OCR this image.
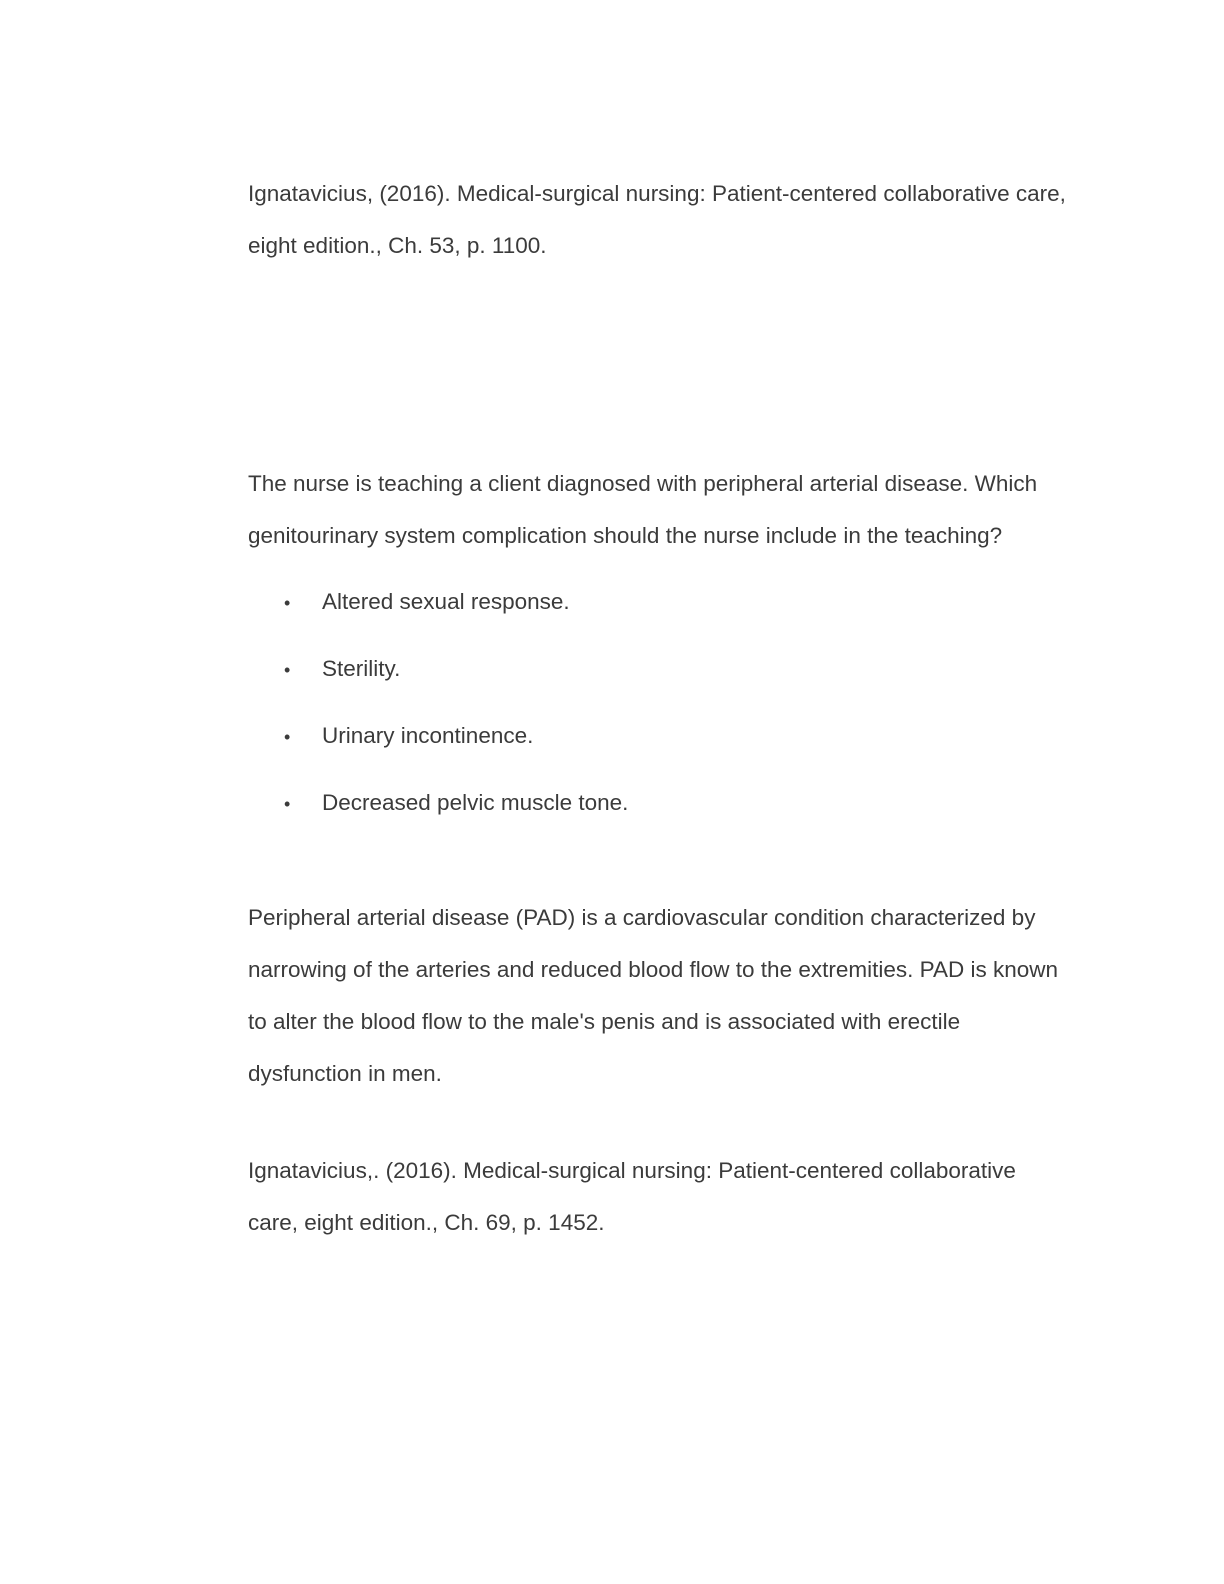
Ignatavicius, (2016). Medical-surgical nursing: Patient-centered collaborative care, eight edition., Ch. 53, p. 1100.

The nurse is teaching a client diagnosed with peripheral arterial disease. Which genitourinary system complication should the nurse include in the teaching?

•	Altered sexual response.
•	Sterility.
•	Urinary incontinence.
•	Decreased pelvic muscle tone.

Peripheral arterial disease (PAD) is a cardiovascular condition characterized by narrowing of the arteries and reduced blood flow to the extremities. PAD is known to alter the blood flow to the male's penis and is associated with erectile dysfunction in men.

Ignatavicius,. (2016). Medical-surgical nursing: Patient-centered collaborative care, eight edition., Ch. 69, p. 1452.
